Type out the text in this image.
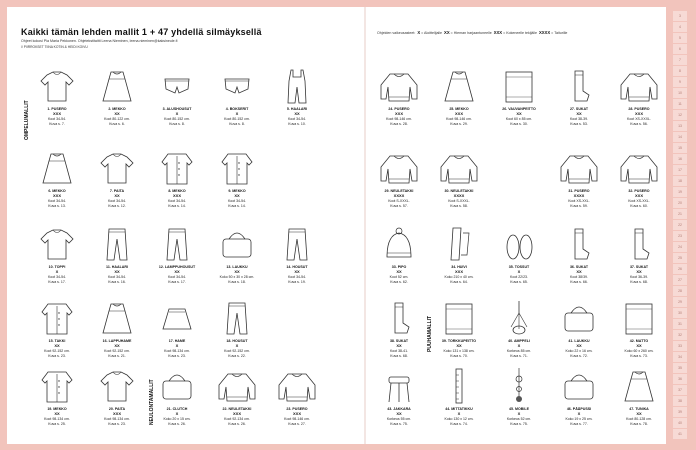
Kaikki tämän lehden mallit 1 + 47 yhdellä silmäyksellä
Ohjeet kokosi Pia Maria Pekkonen. Ohjetekstitaitti Leena Nieminen, leena.nieminen@kaksineule.fi
// PIIRROKSET TIINA KOTIN & HEIDI KOIVU
Ohjeiden vaikeusasteet: X= Aloittelijalle XX= Hieman harjaantuneelle XXX= Kokeneelle tekijälle XXXX= Taiturille
OMPELUMALLIT
NEULONTAMALLIT
PUUHAMALLIT
1. PUSERO
XXX
Koot 34-54.
Kuva s. 7.
2. MEKKO
XX
Koot 80-122 cm.
Kuva s. 6.
3. ALUSHOUSUT
X
Koot 80-152 cm.
Kuva s. 8.
4. BOKSERIT
X
Koot 80-152 cm.
Kuva s. 8.
5. HAALARI
XX
Koot 34-54.
Kuva s. 10.
6. MEKKO
XXX
Koot 34-54.
Kuva s. 13.
7. PAITA
XX
Koot 34-54.
Kuva s. 12.
8. MEKKO
XXX
Koot 34-54.
Kuva s. 14.
9. MEKKO
XX
Koot 34-54.
Kuva s. 14.
10. TOPPI
X
Koot 34-54.
Kuva s. 17.
11. HAALARI
XX
Koot 34-54.
Kuva s. 16.
12. LAMPPUHOUSUT
XX
Koot 34-54.
Kuva s. 17.
13. LAUKKU
XX
Koko 50 x 30 x 28 cm.
Kuva s. 18.
14. HOUSUT
XX
Koot 34-54.
Kuva s. 19.
15. TAKKI
XX
Koot 92-152 cm.
Kuva s. 23.
16. LAPPUHAME
XX
Koot 92-152 cm.
Kuva s. 21.
17. HAME
X
Koot 98-134 cm.
Kuva s. 23.
18. HOUSUT
X
Koot 92-152 cm.
Kuva s. 22.
19. MEKKO
XX
Koot 98-134 cm.
Kuva s. 25.
20. PAITA
XXX
Koot 98-134 cm.
Kuva s. 23.
21. CLUTCH
X
Koko 20 x 15 cm.
Kuva s. 26.
22. NEULETAKKI
XXX
Koot 92-134 cm.
Kuva s. 26.
23. PUSERO
XXX
Koot 98-146 cm.
Kuva s. 27.
24. PUSERO
XXX
Koot 98-146 cm.
Kuva s. 28.
25. MEKKO
XXX
Koot 98-146 cm.
Kuva s. 29.
26. VAUVANPEITTO
XX
Koot 60 x 85 cm.
Kuva s. 30.
27. SUKAT
XX
Koot 38-39.
Kuva s. 53.
28. PUSERO
XXX
Koot XS-XXXL.
Kuva s. 56.
29. NEULETAKKI
XXXX
Koot S-XXXL.
Kuva s. 57.
30. NEULETAKKI
XXXX
Koot S-XXXL.
Kuva s. 58.
31. PUSERO
XXXX
Koot XS-XXL.
Kuva s. 59.
32. PUSERO
XXX
Koot XS-XXL.
Kuva s. 60.
33. PIPO
XX
Koot 52 cm.
Kuva s. 62.
34. HUIVI
XXX
Koko 210 x 40 cm.
Kuva s. 64.
35. TOSSUT
X
Koot 22/23.
Kuva s. 65.
36. SUKAT
XX
Koot 38/39.
Kuva s. 66.
37. SUKAT
XX
Koot 36-39.
Kuva s. 68.
38. SUKAT
XX
Koot 38-41.
Kuva s. 68.
39. TORKKUPEITTO
XX
Koko 131 x 138 cm.
Kuva s. 70.
40. AMPPELI
X
Korkeus 85 cm.
Kuva s. 71.
41. LAUKKU
XX
Koko 22 x 16 cm.
Kuva s. 72.
42. MATTO
XX
Koko 60 x 260 cm.
Kuva s. 73.
43. JAKKARA
XX
Korkeus 55 cm.
Kuva s. 75.
44. MITTATIKKU
X
Koko 130 x 12 cm.
Kuva s. 74.
45. MOBILE
X
Korkeus 52 cm.
Kuva s. 75.
46. PÄÄPUSSI
X
Koko 19 x 25 cm.
Kuva s. 77.
47. TUNIKA
XX
Koot 80-128 cm.
Kuva s. 78.
3
4
5
6
7
8
9
10
11
12
13
14
15
16
17
18
19
20
21
22
23
24
25
26
27
28
29
30
31
32
33
34
35
36
37
38
39
40
41
